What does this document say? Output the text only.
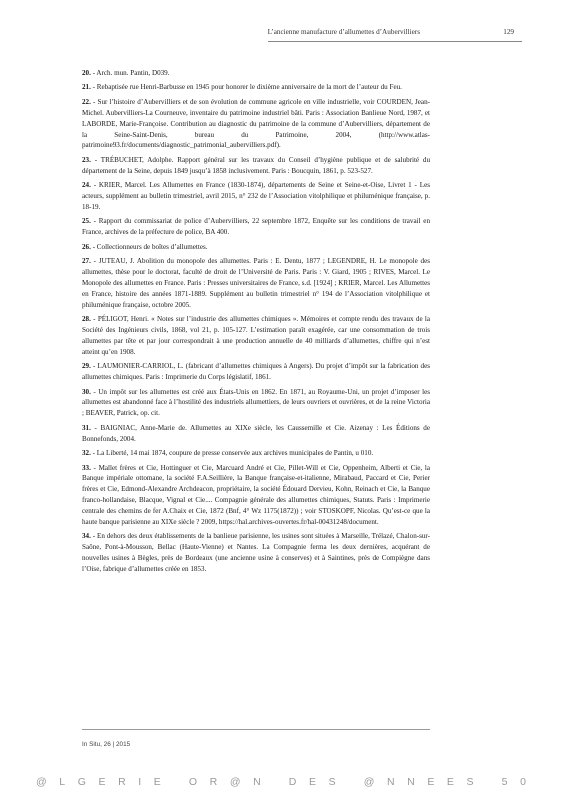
L’ancienne manufacture d’allumettes d’Aubervilliers	129

20. - Arch. mun. Pantin, D039.

21. - Rebaptisée rue Henri-Barbusse en 1945 pour honorer le dixième anniversaire de la mort de l’auteur du Feu.

22. - Sur l’histoire d’Aubervilliers et de son évolution de commune agricole en ville industrielle, voir COURDEN, Jean-Michel. Aubervilliers-La Courneuve, inventaire du patrimoine industriel bâti. Paris : Association Banlieue Nord, 1987, et LABORDE, Marie-Françoise. Contribution au diagnostic du patrimoine de la commune d’Aubervilliers, département de la Seine-Saint-Denis, bureau du Patrimoine, 2004, (http://www.atlas-patrimoine93.fr/documents/diagnostic_patrimonial_aubervilliers.pdf).

23. - TRÉBUCHET, Adolphe. Rapport général sur les travaux du Conseil d’hygiène publique et de salubrité du département de la Seine, depuis 1849 jusqu’à 1858 inclusivement. Paris : Boucquin, 1861, p. 523-527.

24. - KRIER, Marcel. Les Allumettes en France (1830-1874), départements de Seine et Seine-et-Oise, Livret 1 - Les acteurs, supplément au bulletin trimestriel, avril 2015, n° 232 de l’Association vitolphilique et philuménique française, p. 18-19.

25. - Rapport du commissariat de police d’Aubervilliers, 22 septembre 1872, Enquête sur les conditions de travail en France, archives de la préfecture de police, BA 400.

26. - Collectionneurs de boîtes d’allumettes.

27. - JUTEAU, J. Abolition du monopole des allumettes. Paris : E. Dentu, 1877 ; LEGENDRE, H. Le monopole des allumettes, thèse pour le doctorat, faculté de droit de l’Université de Paris. Paris : V. Giard, 1905 ; RIVES, Marcel. Le Monopole des allumettes en France. Paris : Presses universitaires de France, s.d. [1924] ; KRIER, Marcel. Les Allumettes en France, histoire des années 1871-1889. Supplément au bulletin trimestriel n° 194 de l’Association vitolphilique et philuménique française, octobre 2005.

28. - PÉLIGOT, Henri. « Notes sur l’industrie des allumettes chimiques ». Mémoires et compte rendu des travaux de la Société des Ingénieurs civils, 1868, vol 21, p. 105-127. L’estimation paraît exagérée, car une consommation de trois allumettes par tête et par jour correspondrait à une production annuelle de 40 milliards d’allumettes, chiffre qui n’est atteint qu’en 1908.

29. - LAUMONIER-CARRIOL, L. (fabricant d’allumettes chimiques à Angers). Du projet d’impôt sur la fabrication des allumettes chimiques. Paris : Imprimerie du Corps législatif, 1861.

30. - Un impôt sur les allumettes est créé aux États-Unis en 1862. En 1871, au Royaume-Uni, un projet d’imposer les allumettes est abandonné face à l’hostilité des industriels allumettiers, de leurs ouvriers et ouvrières, et de la reine Victoria ; BEAVER, Patrick, op. cit.

31. - BAIGNIAC, Anne-Marie de. Allumettes au XIXe siècle, les Caussemille et Cie. Aizenay : Les Éditions de Bonnefonds, 2004.

32. - La Liberté, 14 mai 1874, coupure de presse conservée aux archives municipales de Pantin, u 010.

33. - Mallet frères et Cie, Hottinguer et Cie, Marcuard André et Cie, Pillet-Will et Cie, Oppenheim, Alberti et Cie, la Banque impériale ottomane, la société F.A.Seillière, la Banque française-et-italienne, Mirabaud, Paccard et Cie, Perier frères et Cie, Edmond-Alexandre Archdeacon, propriétaire, la société Édouard Dervieu, Kohn, Reinach et Cie, la Banque franco-hollandaise, Blacque, Vignal et Cie.... Compagnie générale des allumettes chimiques, Statuts. Paris : Imprimerie centrale des chemins de fer A.Chaix et Cie, 1872 (Bnf, 4° Wz 1175(1872)) ; voir STOSKOPF, Nicolas. Qu’est-ce que la haute banque parisienne au XIXe siècle ? 2009, https://hal.archives-ouvertes.fr/hal-00431248/document.

34. - En dehors des deux établissements de la banlieue parisienne, les usines sont situées à Marseille, Trélazé, Chalon-sur-Saône, Pont-à-Mousson, Bellac (Haute-Vienne) et Nantes. La Compagnie ferma les deux dernières, acquérant de nouvelles usines à Bègles, près de Bordeaux (une ancienne usine à conserves) et à Saintines, près de Compiègne dans l’Oise, fabrique d’allumettes créée en 1853.

In Situ, 26 | 2015
@LGERIE OR@N DES @NNEES 50
